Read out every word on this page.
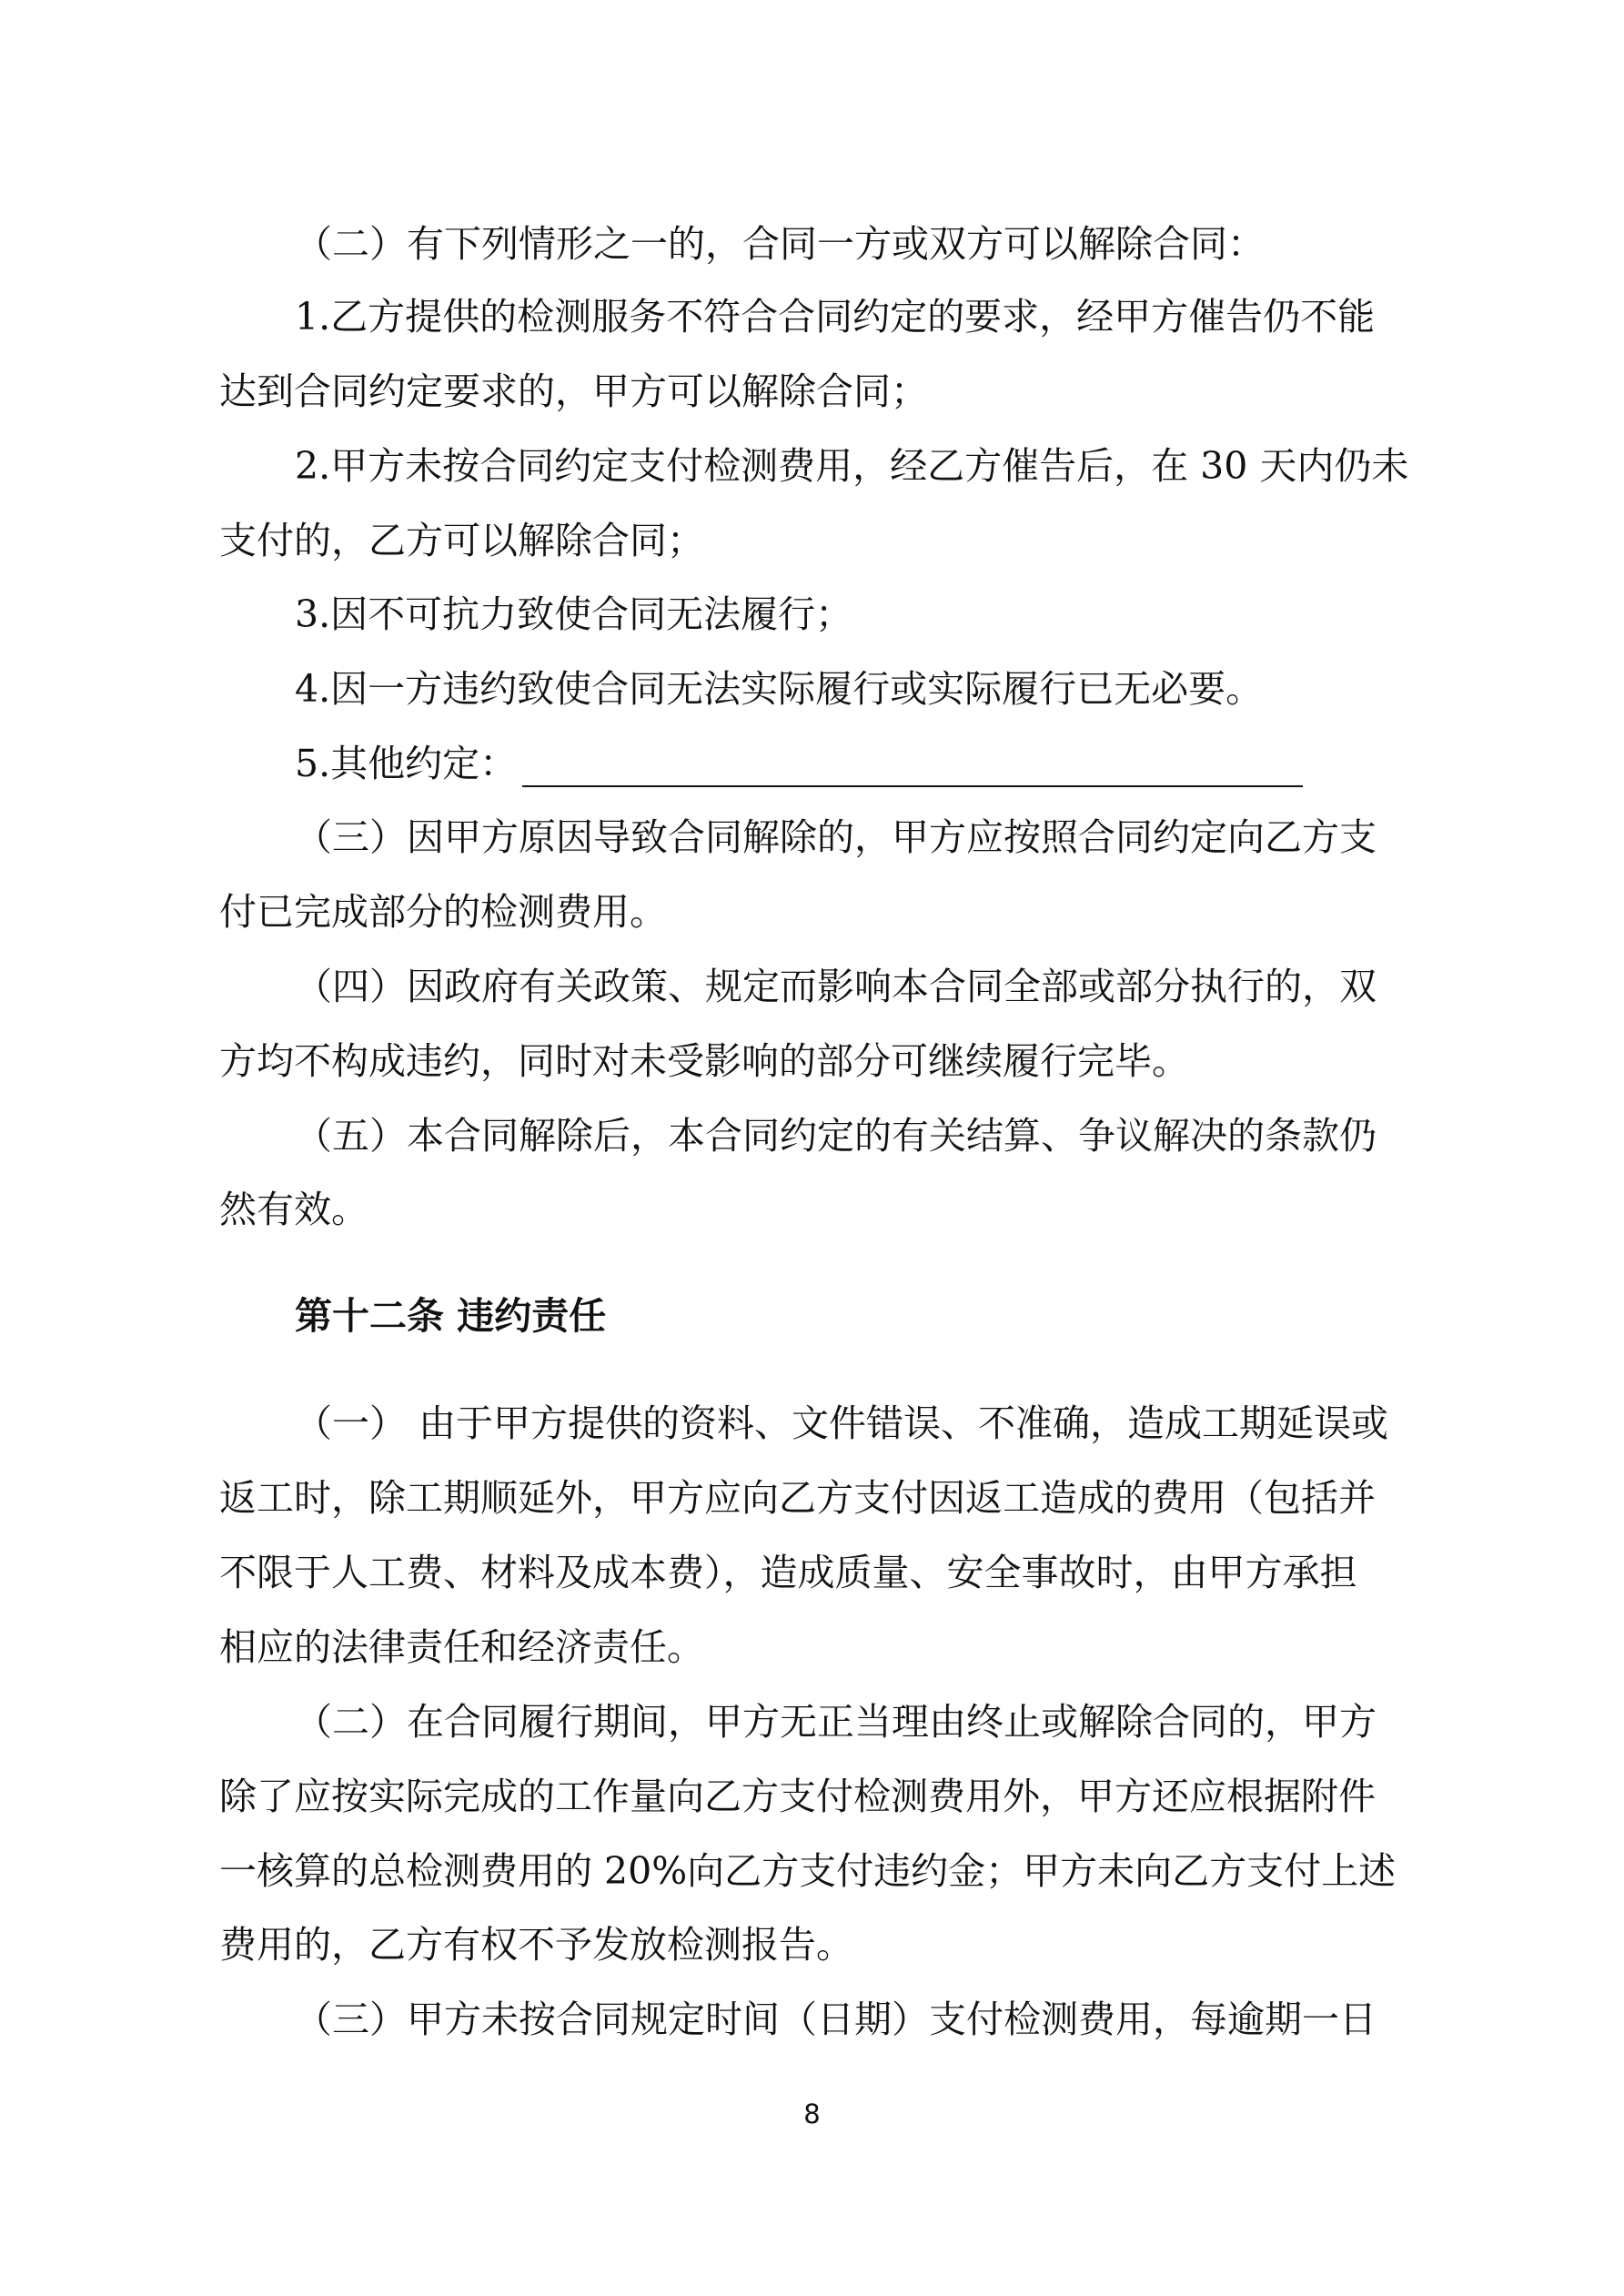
（二）有下列情形之一的，合同一方或双方可以解除合同：
1.乙方提供的检测服务不符合合同约定的要求，经甲方催告仍不能
达到合同约定要求的，甲方可以解除合同；
2.甲方未按合同约定支付检测费用，经乙方催告后，在 30 天内仍未
支付的，乙方可以解除合同；
3.因不可抗力致使合同无法履行；
4.因一方违约致使合同无法实际履行或实际履行已无必要。
5.其他约定：
（三）因甲方原因导致合同解除的，甲方应按照合同约定向乙方支
付已完成部分的检测费用。
（四）因政府有关政策、规定而影响本合同全部或部分执行的，双
方均不构成违约，同时对未受影响的部分可继续履行完毕。
（五）本合同解除后，本合同约定的有关结算、争议解决的条款仍
然有效。
第十二条 违约责任
（一） 由于甲方提供的资料、文件错误、不准确，造成工期延误或
返工时，除工期顺延外，甲方应向乙方支付因返工造成的费用（包括并
不限于人工费、材料及成本费），造成质量、安全事故时，由甲方承担
相应的法律责任和经济责任。
（二）在合同履行期间，甲方无正当理由终止或解除合同的，甲方
除了应按实际完成的工作量向乙方支付检测费用外，甲方还应根据附件
一核算的总检测费用的 20%向乙方支付违约金；甲方未向乙方支付上述
费用的，乙方有权不予发放检测报告。
（三）甲方未按合同规定时间（日期）支付检测费用，每逾期一日
8
